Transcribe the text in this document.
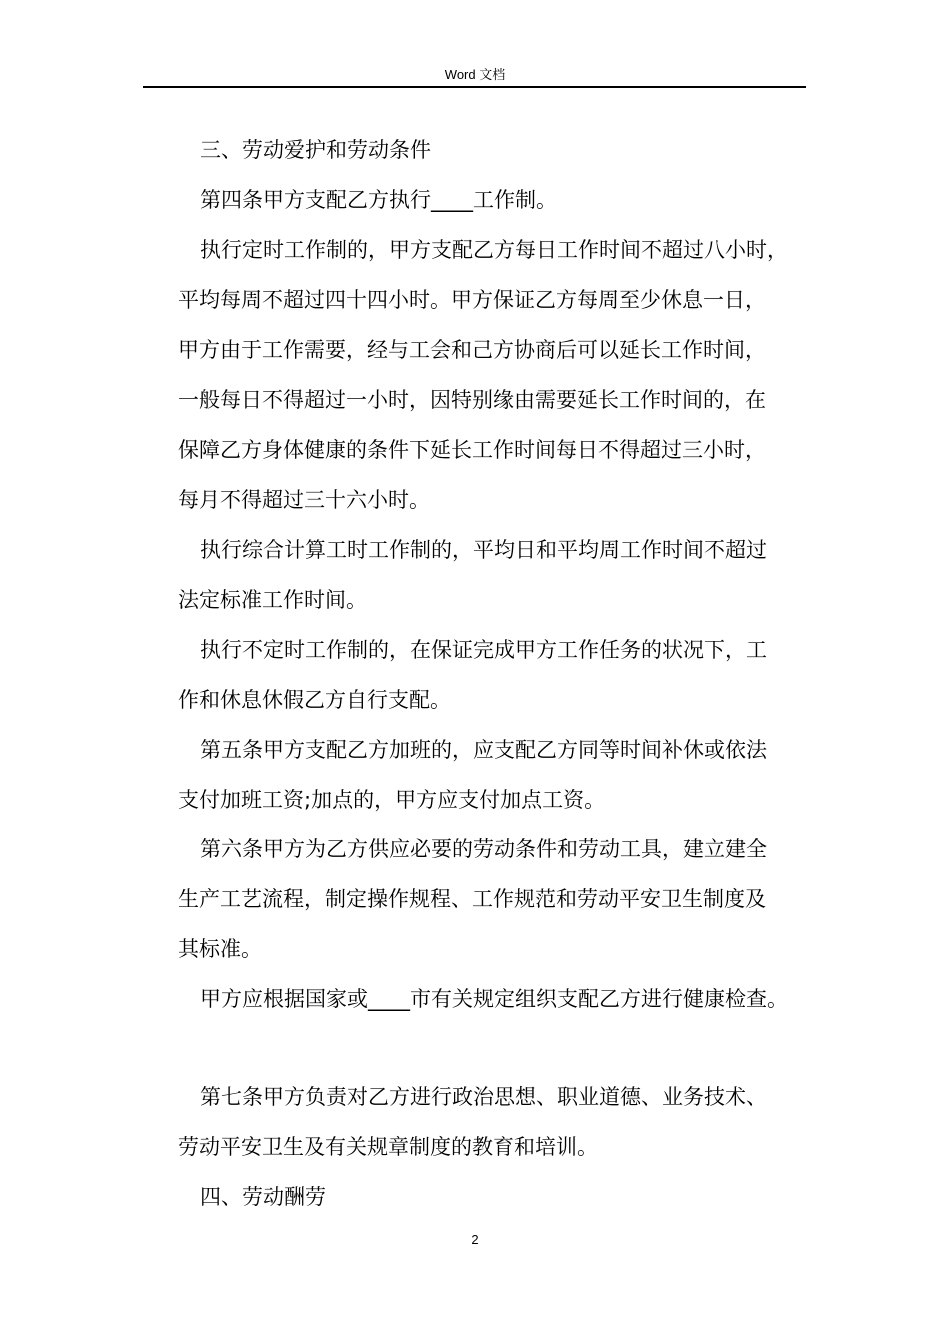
Word 文档
三、劳动爱护和劳动条件
第四条甲方支配乙方执行____工作制。
执行定时工作制的，甲方支配乙方每日工作时间不超过八小时，
平均每周不超过四十四小时。甲方保证乙方每周至少休息一日，
甲方由于工作需要，经与工会和己方协商后可以延长工作时间，
一般每日不得超过一小时，因特别缘由需要延长工作时间的，在
保障乙方身体健康的条件下延长工作时间每日不得超过三小时，
每月不得超过三十六小时。
执行综合计算工时工作制的，平均日和平均周工作时间不超过
法定标准工作时间。
执行不定时工作制的，在保证完成甲方工作任务的状况下，工
作和休息休假乙方自行支配。
第五条甲方支配乙方加班的，应支配乙方同等时间补休或依法
支付加班工资;加点的，甲方应支付加点工资。
第六条甲方为乙方供应必要的劳动条件和劳动工具，建立建全
生产工艺流程，制定操作规程、工作规范和劳动平安卫生制度及
其标准。
甲方应根据国家或____市有关规定组织支配乙方进行健康检查。
第七条甲方负责对乙方进行政治思想、职业道德、业务技术、
劳动平安卫生及有关规章制度的教育和培训。
四、劳动酬劳
2
